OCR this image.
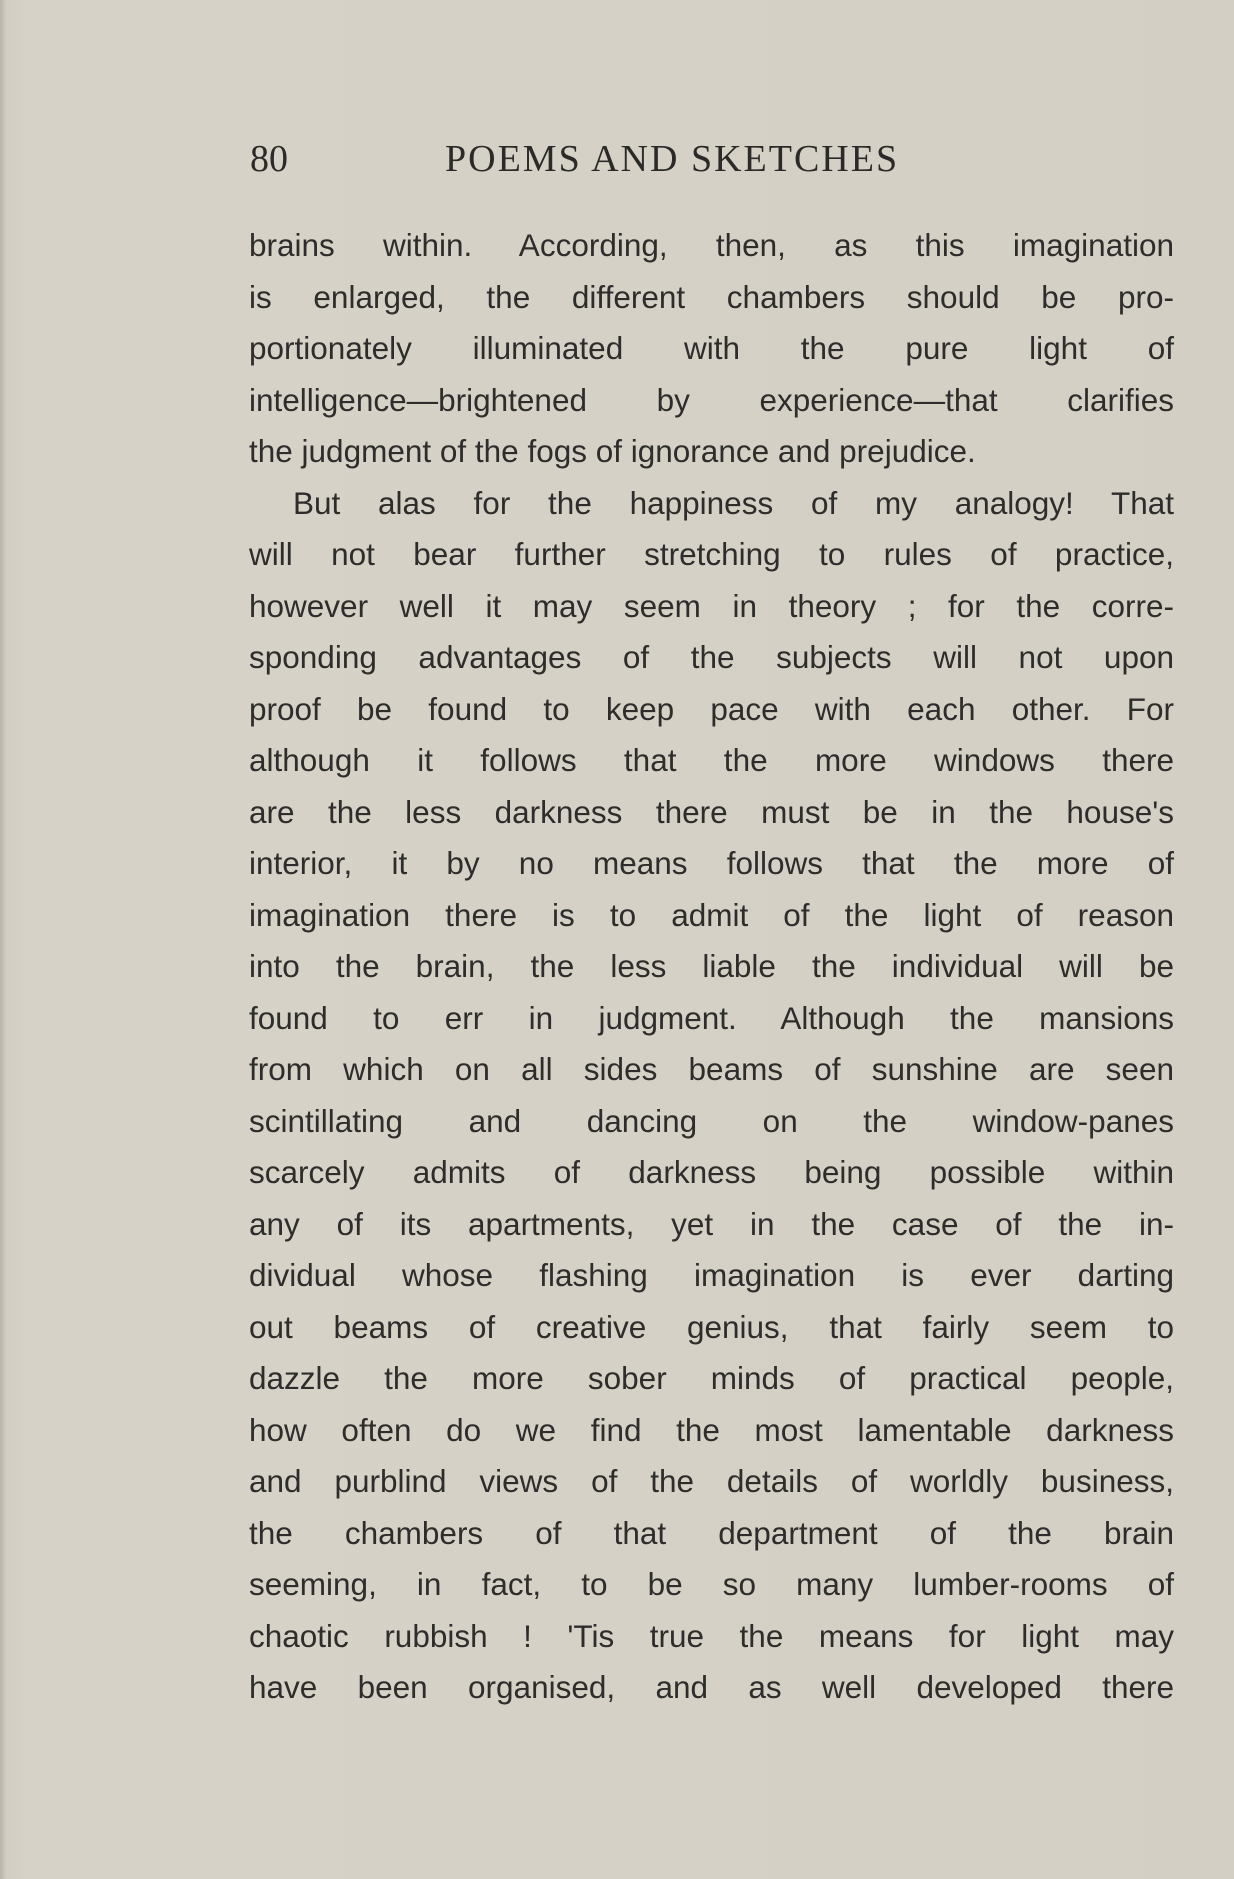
80	POEMS AND SKETCHES
brains within. According, then, as this imagination
is enlarged, the different chambers should be pro-
portionately illuminated with the pure light of
intelligence—brightened by experience—that clarifies
the judgment of the fogs of ignorance and prejudice.
But alas for the happiness of my analogy! That
will not bear further stretching to rules of practice,
however well it may seem in theory ; for the corre-
sponding advantages of the subjects will not upon
proof be found to keep pace with each other. For
although it follows that the more windows there
are the less darkness there must be in the house's
interior, it by no means follows that the more of
imagination there is to admit of the light of reason
into the brain, the less liable the individual will be
found to err in judgment. Although the mansions
from which on all sides beams of sunshine are seen
scintillating and dancing on the window-panes
scarcely admits of darkness being possible within
any of its apartments, yet in the case of the in-
dividual whose flashing imagination is ever darting
out beams of creative genius, that fairly seem to
dazzle the more sober minds of practical people,
how often do we find the most lamentable darkness
and purblind views of the details of worldly business,
the chambers of that department of the brain
seeming, in fact, to be so many lumber-rooms of
chaotic rubbish ! 'Tis true the means for light may
have been organised, and as well developed there
